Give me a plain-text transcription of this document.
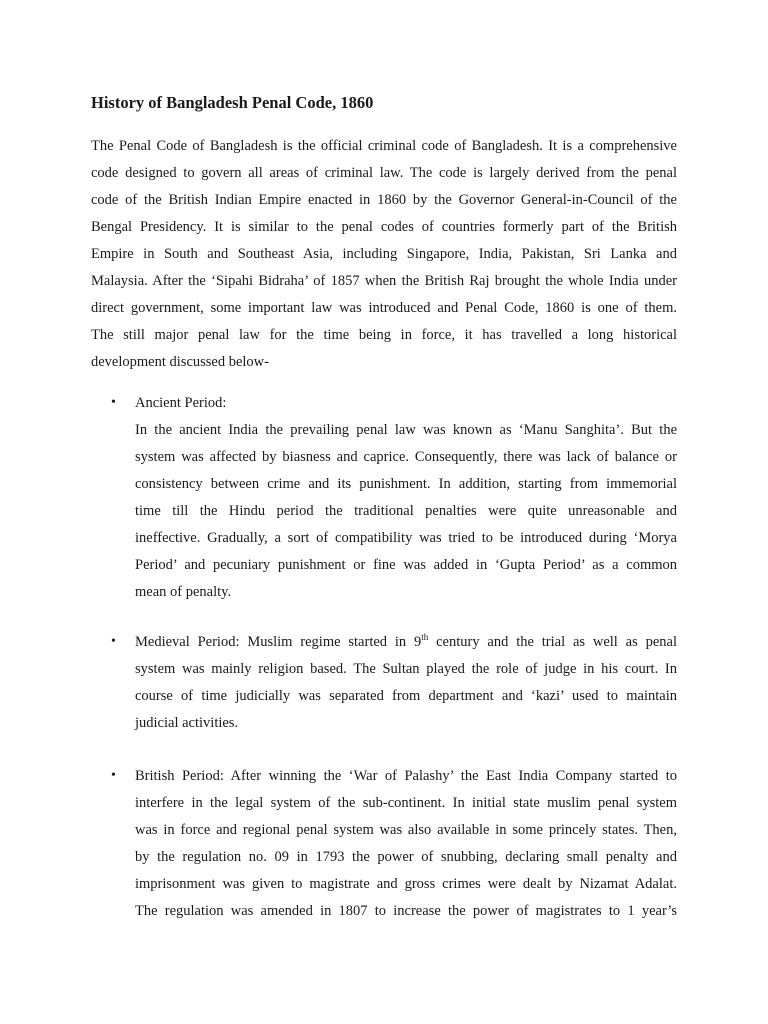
History of Bangladesh Penal Code, 1860
The Penal Code of Bangladesh is the official criminal code of Bangladesh. It is a comprehensive
code designed to govern all areas of criminal law. The code is largely derived from the penal
code of the British Indian Empire enacted in 1860 by the Governor General-in-Council of the
Bengal Presidency. It is similar to the penal codes of countries formerly part of the British
Empire in South and Southeast Asia, including Singapore, India, Pakistan, Sri Lanka and
Malaysia. After the ‘Sipahi Bidraha’ of 1857 when the British Raj brought the whole India under
direct government, some important law was introduced and Penal Code, 1860 is one of them.
The still major penal law for the time being in force, it has travelled a long historical
development discussed below-
• Ancient Period:
In the ancient India the prevailing penal law was known as ‘Manu Sanghita’. But the
system was affected by biasness and caprice. Consequently, there was lack of balance or
consistency between crime and its punishment. In addition, starting from immemorial
time till the Hindu period the traditional penalties were quite unreasonable and
ineffective. Gradually, a sort of compatibility was tried to be introduced during ‘Morya
Period’ and pecuniary punishment or fine was added in ‘Gupta Period’ as a common
mean of penalty.
• Medieval Period: Muslim regime started in 9th century and the trial as well as penal
system was mainly religion based. The Sultan played the role of judge in his court. In
course of time judicially was separated from department and ‘kazi’ used to maintain
judicial activities.
• British Period: After winning the ‘War of Palashy’ the East India Company started to
interfere in the legal system of the sub-continent. In initial state muslim penal system
was in force and regional penal system was also available in some princely states. Then,
by the regulation no. 09 in 1793 the power of snubbing, declaring small penalty and
imprisonment was given to magistrate and gross crimes were dealt by Nizamat Adalat.
The regulation was amended in 1807 to increase the power of magistrates to 1 year’s
